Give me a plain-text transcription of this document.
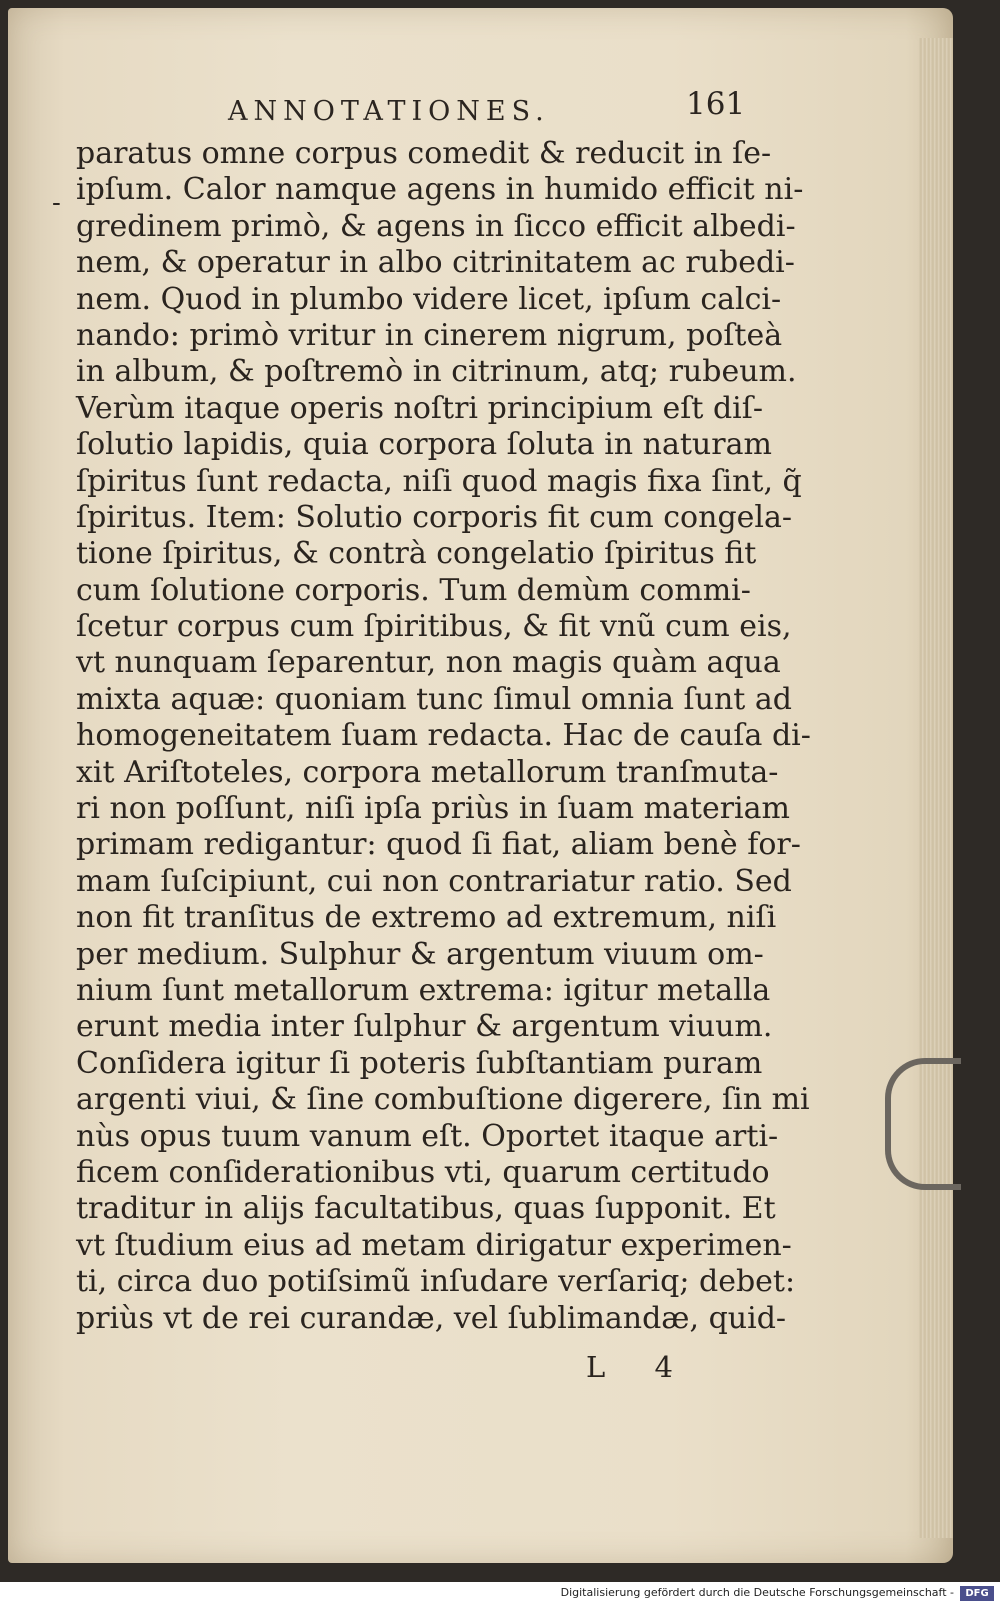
ANNOTATIONES.	161
-
paratus omne corpus comedit & reducit in ſe-
ipſum. Calor namque agens in humido efficit ni-
gredinem primò, & agens in ſicco efficit albedi-
nem, & operatur in albo citrinitatem ac rubedi-
nem. Quod in plumbo videre licet, ipſum calci-
nando: primò vritur in cinerem nigrum, poſteà
in album, & poſtremò in citrinum, atq; rubeum.
Verùm itaque operis noſtri principium eſt diſ-
ſolutio lapidis, quia corpora ſoluta in naturam
ſpiritus ſunt redacta, niſi quod magis fixa ſint, q̃
ſpiritus. Item: Solutio corporis fit cum congela-
tione ſpiritus, & contrà congelatio ſpiritus fit
cum ſolutione corporis. Tum demùm commi-
ſcetur corpus cum ſpiritibus, & fit vnũ cum eis,
vt nunquam ſeparentur, non magis quàm aqua
mixta aquæ: quoniam tunc ſimul omnia ſunt ad
homogeneitatem ſuam redacta. Hac de cauſa di-
xit Ariſtoteles, corpora metallorum tranſmuta-
ri non poſſunt, niſi ipſa priùs in ſuam materiam
primam redigantur: quod ſi fiat, aliam benè for-
mam ſuſcipiunt, cui non contrariatur ratio. Sed
non fit tranſitus de extremo ad extremum, niſi
per medium. Sulphur & argentum viuum om-
nium ſunt metallorum extrema: igitur metalla
erunt media inter ſulphur & argentum viuum.
Conſidera igitur ſi poteris ſubſtantiam puram
argenti viui, & ſine combuſtione digerere, ſin mi
nùs opus tuum vanum eſt. Oportet itaque arti-
ficem conſiderationibus vti, quarum certitudo
traditur in alijs facultatibus, quas ſupponit. Et
vt ſtudium eius ad metam dirigatur experimen-
ti, circa duo potiſsimũ inſudare verſariq; debet:
priùs vt de rei curandæ, vel ſublimandæ, quid-
L 4
Digitalisierung gefördert durch die Deutsche Forschungsgemeinschaft -	DFG
